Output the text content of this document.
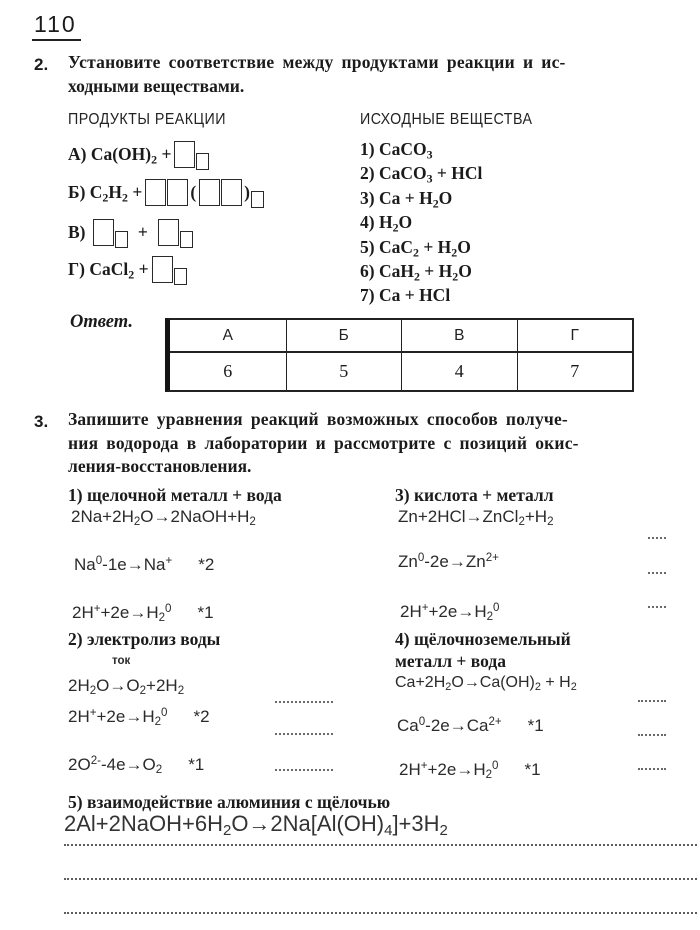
110
2. Установите соответствие между продуктами реакции и ис-
ходными веществами.
ПРОДУКТЫ РЕАКЦИИ	ИСХОДНЫЕ ВЕЩЕСТВА
А)
$Ca(OH)_2$ +
Б)
$C_2H_2$ +	(	)
В)
	+
Г)
CaCl$_2$ +
1) CaCO$_3$
2) CaCO$_3$ + HCl
3) $Ca + H_2O$
4) $H_2O$
5) $CaC_2 + H_2O$
6) $CaH_2 + H_2O$
7) Ca + HCl
Ответ.
А	Б	В	Г
6	5	4	7
3. Запишите уравнения реакций возможных способов получе-
ния водорода в лаборатории и рассмотрите с позиций окис-
ления-восстановления.
1) щелочной металл + вода
$2Na+2H_2O\to 2NaOH+H_2$
$Na^0-1e\to Na^+$ *2
$2H^++2e\to H_2^0$ *1
2) электролиз воды
ток
$2H_2O\to O_2+2H_2$
$2H^++2e\to H_2^0$ *2
$2O^{2-}-4e\to O_2$ *1
3) кислота + металл
$Zn+2HCl\to ZnCl_2+H_2$
$Zn^0-2e\to Zn^{2+}$
$2H^++2e\to H_2^0$
4) щёлочноземельный
металл + вода
$Ca+2H_2O\to Ca(OH)_2 + H_2$
$Ca^0-2e\to Ca^{2+}$ *1
$2H^++2e\to H_2^0$ *1
5) взаимодействие алюминия с щёлочью
$2Al+2NaOH+6H_2O\to 2Na[Al(OH)_4]+3H_2$
